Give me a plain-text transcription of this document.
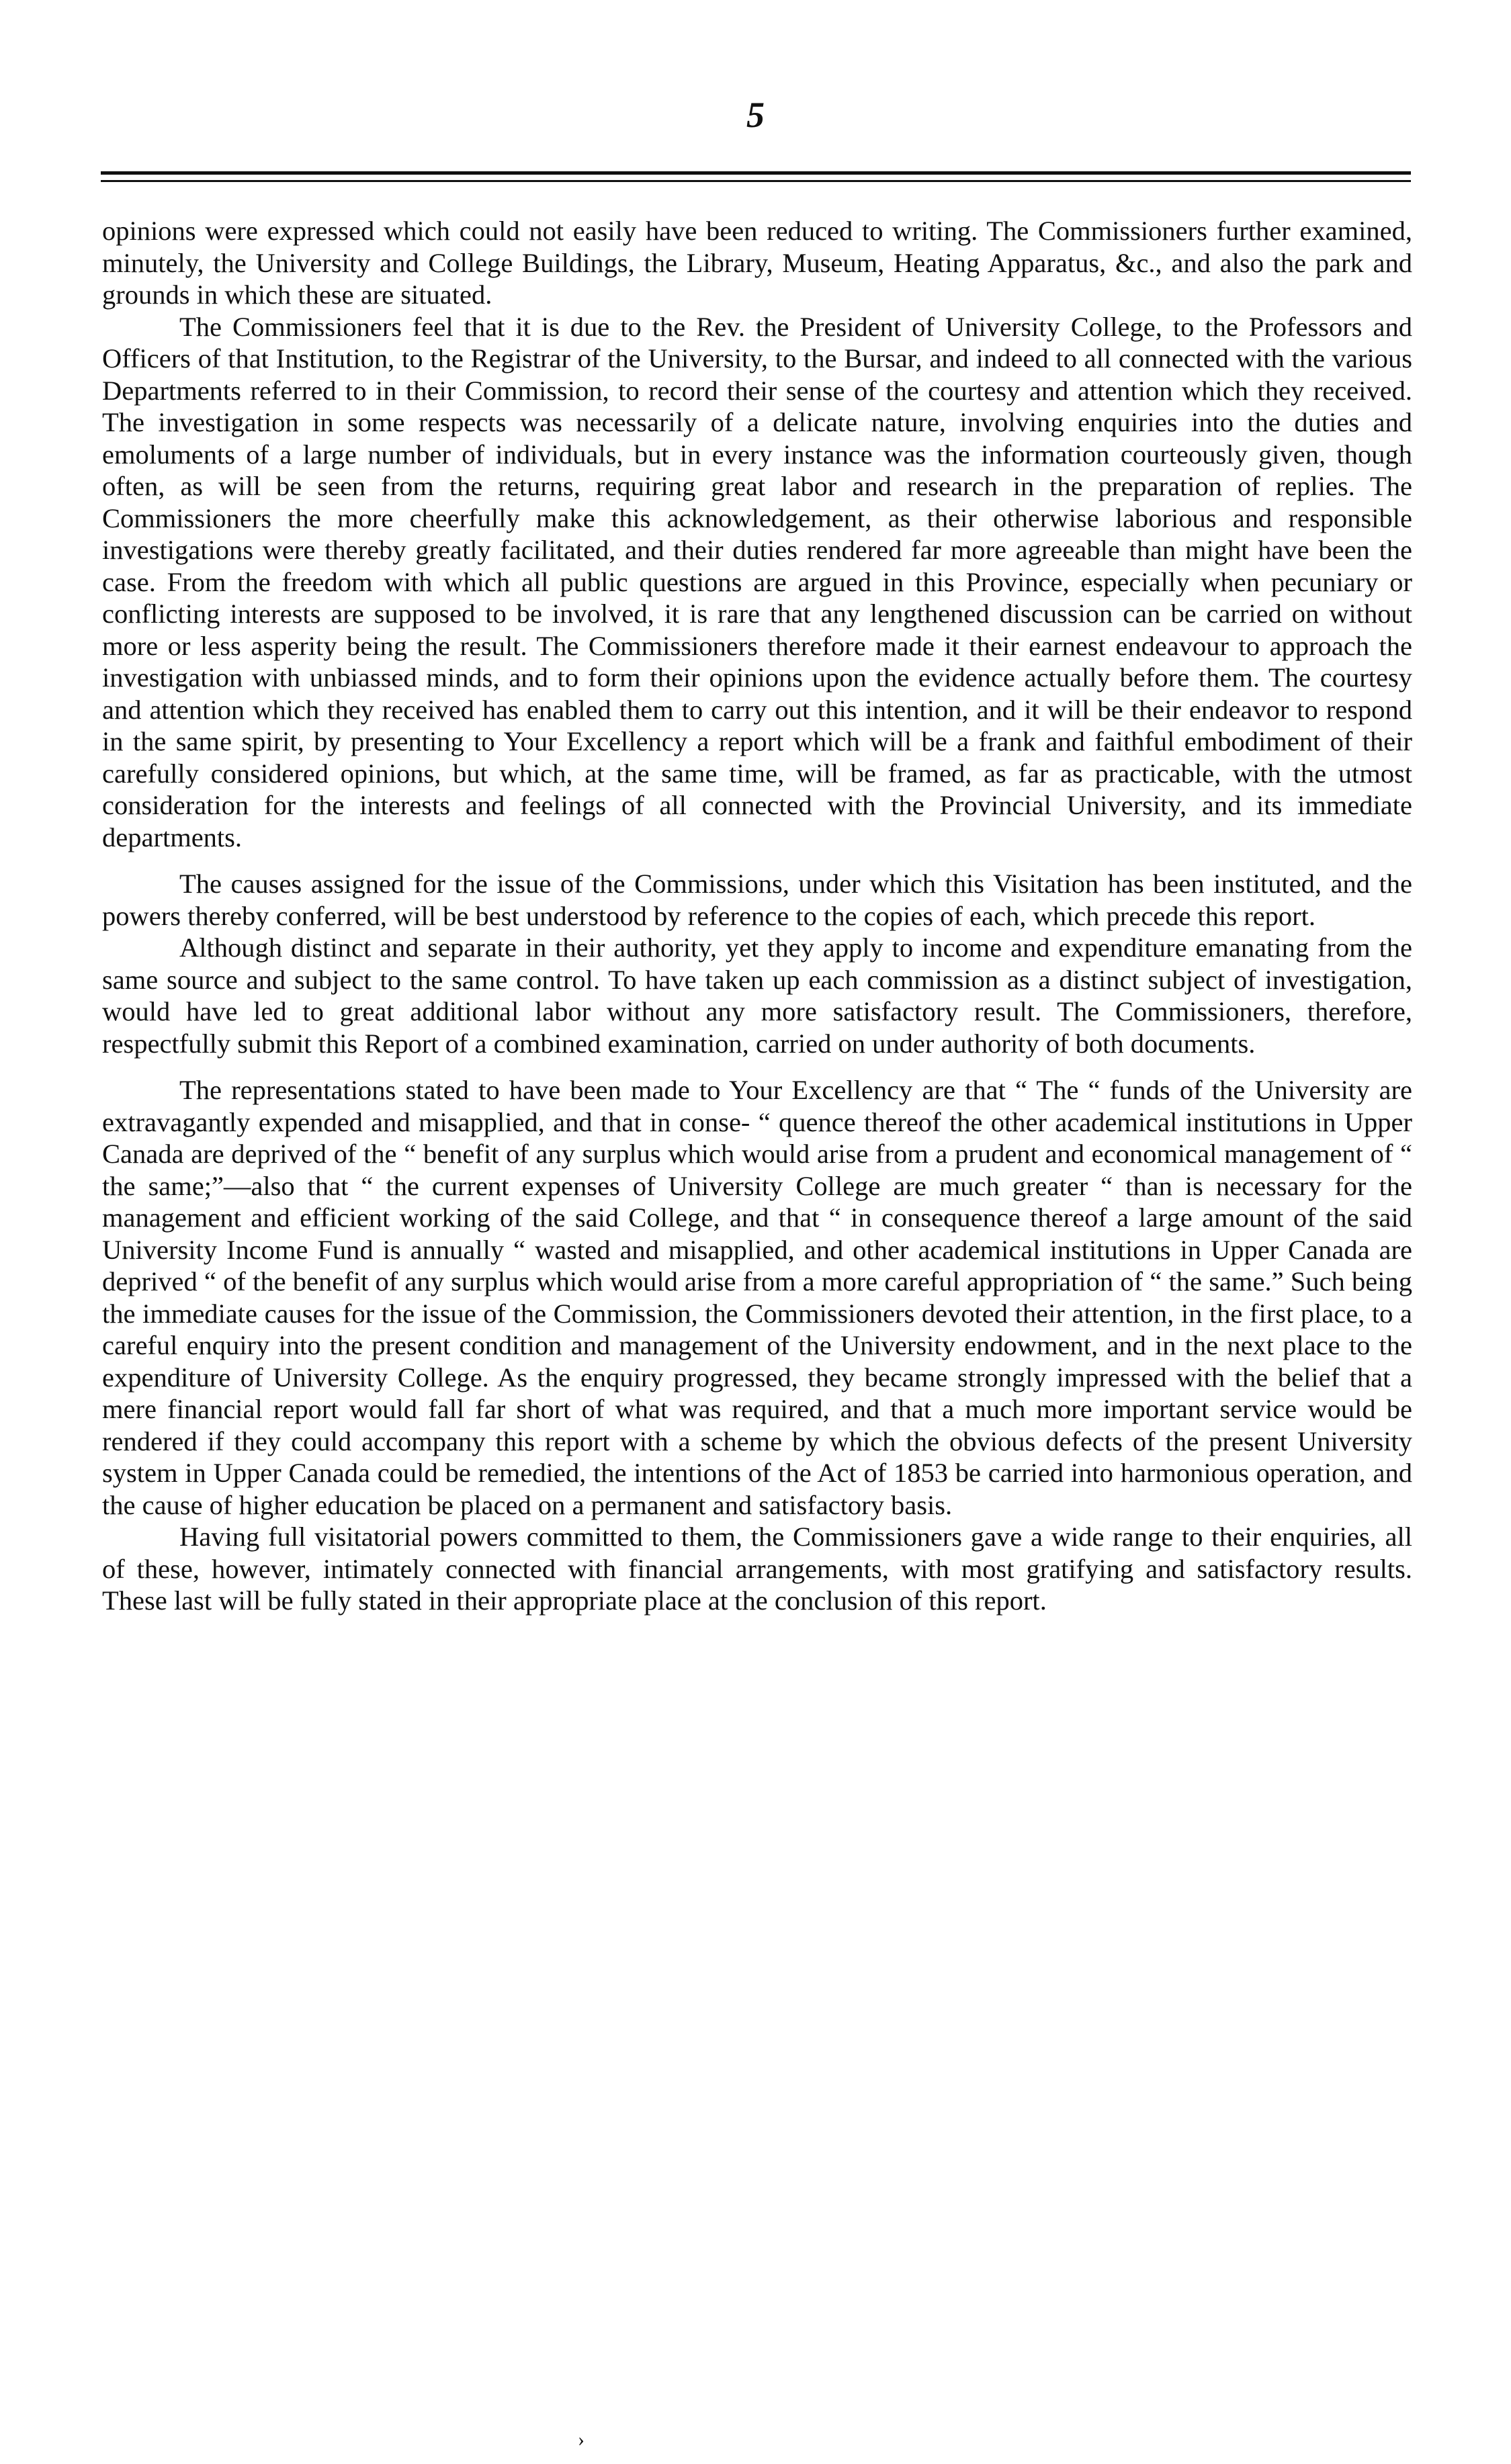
5

opinions were expressed which could not easily have been reduced to writing. The Commissioners further examined, minutely, the University and College Buildings, the Library, Museum, Heating Apparatus, &c., and also the park and grounds in which these are situated.

The Commissioners feel that it is due to the Rev. the President of University College, to the Professors and Officers of that Institution, to the Registrar of the University, to the Bursar, and indeed to all connected with the various Departments referred to in their Commission, to record their sense of the courtesy and attention which they received. The investigation in some respects was necessarily of a delicate nature, involving enquiries into the duties and emoluments of a large number of individuals, but in every instance was the information courteously given, though often, as will be seen from the returns, requiring great labor and research in the preparation of replies. The Commissioners the more cheerfully make this acknowledgement, as their otherwise laborious and responsible investigations were thereby greatly facilitated, and their duties rendered far more agreeable than might have been the case. From the freedom with which all public questions are argued in this Province, especially when pecuniary or conflicting interests are supposed to be involved, it is rare that any lengthened discussion can be carried on without more or less asperity being the result. The Commissioners therefore made it their earnest endeavour to approach the investigation with unbiassed minds, and to form their opinions upon the evidence actually before them. The courtesy and attention which they received has enabled them to carry out this intention, and it will be their endeavor to respond in the same spirit, by presenting to Your Excellency a report which will be a frank and faithful embodiment of their carefully considered opinions, but which, at the same time, will be framed, as far as practicable, with the utmost consideration for the interests and feelings of all connected with the Provincial University, and its immediate departments.

The causes assigned for the issue of the Commissions, under which this Visitation has been instituted, and the powers thereby conferred, will be best understood by reference to the copies of each, which precede this report.

Although distinct and separate in their authority, yet they apply to income and expenditure emanating from the same source and subject to the same control. To have taken up each commission as a distinct subject of investigation, would have led to great additional labor without any more satisfactory result. The Commissioners, therefore, respectfully submit this Report of a combined examination, carried on under authority of both documents.

The representations stated to have been made to Your Excellency are that “ The “ funds of the University are extravagantly expended and misapplied, and that in conse- “ quence thereof the other academical institutions in Upper Canada are deprived of the “ benefit of any surplus which would arise from a prudent and economical management of “ the same;”—also that “ the current expenses of University College are much greater “ than is necessary for the management and efficient working of the said College, and that “ in consequence thereof a large amount of the said University Income Fund is annually “ wasted and misapplied, and other academical institutions in Upper Canada are deprived “ of the benefit of any surplus which would arise from a more careful appropriation of “ the same.” Such being the immediate causes for the issue of the Commission, the Commissioners devoted their attention, in the first place, to a careful enquiry into the present condition and management of the University endowment, and in the next place to the expenditure of University College. As the enquiry progressed, they became strongly impressed with the belief that a mere financial report would fall far short of what was required, and that a much more important service would be rendered if they could accompany this report with a scheme by which the obvious defects of the present University system in Upper Canada could be remedied, the intentions of the Act of 1853 be carried into harmonious operation, and the cause of higher education be placed on a permanent and satisfactory basis.

Having full visitatorial powers committed to them, the Commissioners gave a wide range to their enquiries, all of these, however, intimately connected with financial arrangements, with most gratifying and satisfactory results. These last will be fully stated in their appropriate place at the conclusion of this report.

›
